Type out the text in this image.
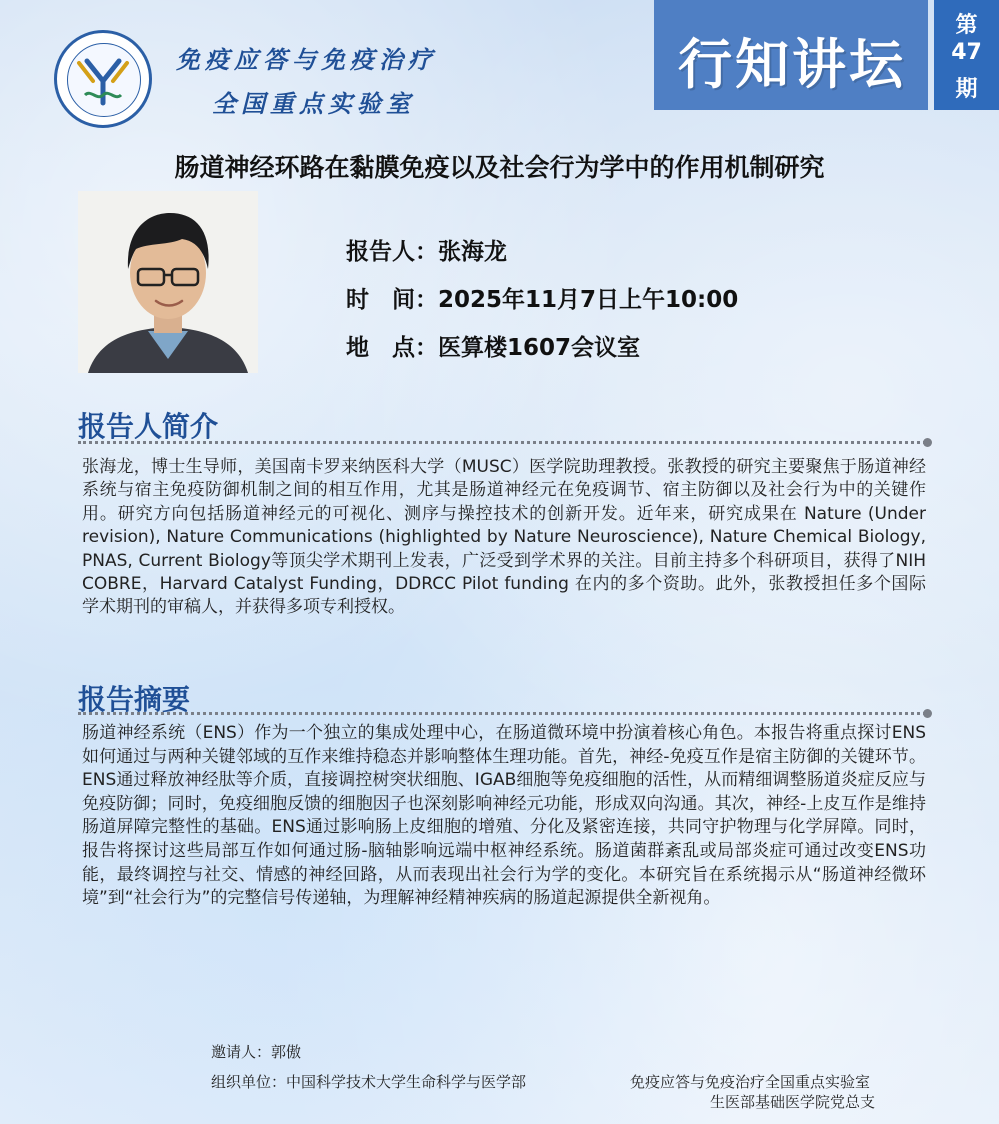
免疫应答与免疫治疗
全国重点实验室
行知讲坛
第
47
期
肠道神经环路在黏膜免疫以及社会行为学中的作用机制研究
报告人：张海龙
时　间：2025年11月7日上午10:00
地　点：医算楼1607会议室
报告人简介
张海龙，博士生导师，美国南卡罗来纳医科大学（MUSC）医学院助理教授。张教授的研究主要聚焦于肠道神经系统与宿主免疫防御机制之间的相互作用，尤其是肠道神经元在免疫调节、宿主防御以及社会行为中的关键作用。研究方向包括肠道神经元的可视化、测序与操控技术的创新开发。近年来，研究成果在 Nature (Under revision), Nature Communications (highlighted by Nature Neuroscience), Nature Chemical Biology, PNAS, Current Biology等顶尖学术期刊上发表，广泛受到学术界的关注。目前主持多个科研项目，获得了NIH COBRE，Harvard Catalyst Funding，DDRCC Pilot funding 在内的多个资助。此外，张教授担任多个国际学术期刊的审稿人，并获得多项专利授权。
报告摘要
肠道神经系统（ENS）作为一个独立的集成处理中心，在肠道微环境中扮演着核心角色。本报告将重点探讨ENS如何通过与两种关键邻域的互作来维持稳态并影响整体生理功能。首先，神经-免疫互作是宿主防御的关键环节。ENS通过释放神经肽等介质，直接调控树突状细胞、IGAB细胞等免疫细胞的活性，从而精细调整肠道炎症反应与免疫防御；同时，免疫细胞反馈的细胞因子也深刻影响神经元功能，形成双向沟通。其次，神经-上皮互作是维持肠道屏障完整性的基础。ENS通过影响肠上皮细胞的增殖、分化及紧密连接，共同守护物理与化学屏障。同时，报告将探讨这些局部互作如何通过肠-脑轴影响远端中枢神经系统。肠道菌群紊乱或局部炎症可通过改变ENS功能，最终调控与社交、情感的神经回路，从而表现出社会行为学的变化。本研究旨在系统揭示从“肠道神经微环境”到“社会行为”的完整信号传递轴，为理解神经精神疾病的肠道起源提供全新视角。
邀请人：郭傲
组织单位：中国科学技术大学生命科学与医学部	免疫应答与免疫治疗全国重点实验室
生医部基础医学院党总支
